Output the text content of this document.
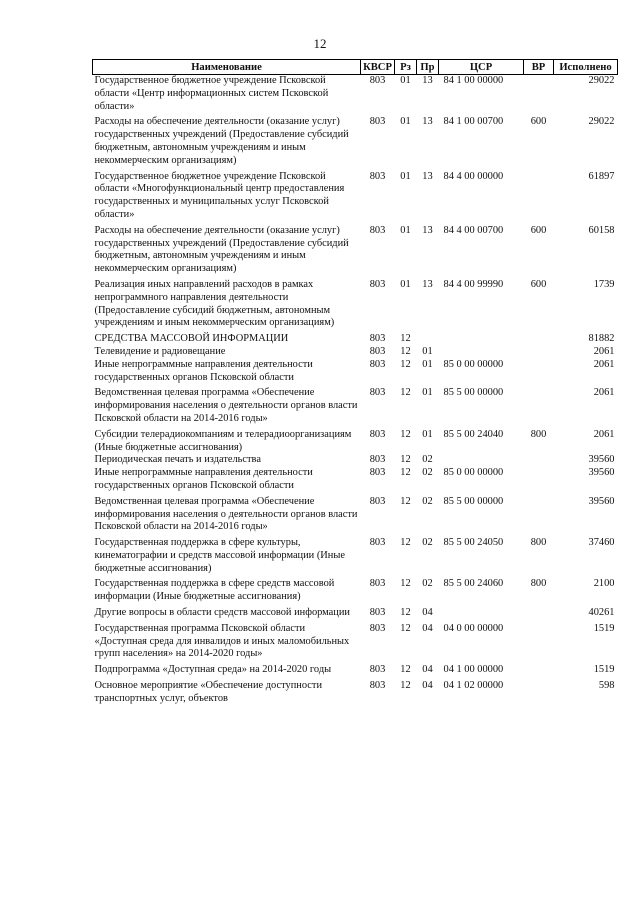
12
Наименование	КВСР	Рз	Пр	ЦСР	ВР	Исполнено
Государственное бюджетное учреждение Псковской области «Центр информационных систем Псковской области»	803	01	13	84 1 00 00000		29022
Расходы на обеспечение деятельности (оказание услуг) государственных учреждений (Предоставление субсидий бюджетным, автономным учреждениям и иным некоммерческим организациям)	803	01	13	84 1 00 00700	600	29022
Государственное бюджетное учреждение Псковской области «Многофункциональный центр предоставления государственных и муниципальных услуг Псковской области»	803	01	13	84 4 00 00000		61897
Расходы на обеспечение деятельности (оказание услуг) государственных учреждений (Предоставление субсидий бюджетным, автономным учреждениям и иным некоммерческим организациям)	803	01	13	84 4 00 00700	600	60158
Реализация иных направлений расходов в рамках непрограммного направления деятельности (Предоставление субсидий бюджетным, автономным учреждениям и иным некоммерческим организациям)	803	01	13	84 4 00 99990	600	1739
СРЕДСТВА МАССОВОЙ ИНФОРМАЦИИ	803	12				81882
Телевидение и радиовещание	803	12	01			2061
Иные непрограммные направления деятельности государственных органов Псковской области	803	12	01	85 0 00 00000		2061
Ведомственная целевая программа «Обеспечение информирования населения о деятельности органов власти Псковской области на 2014-2016 годы»	803	12	01	85 5 00 00000		2061
Субсидии телерадиокомпаниям и телерадиоорганизациям (Иные бюджетные ассигнования)	803	12	01	85 5 00 24040	800	2061
Периодическая печать и издательства	803	12	02			39560
Иные непрограммные направления деятельности государственных органов Псковской области	803	12	02	85 0 00 00000		39560
Ведомственная целевая программа «Обеспечение информирования населения о деятельности органов власти Псковской области на 2014-2016 годы»	803	12	02	85 5 00 00000		39560
Государственная поддержка в сфере культуры, кинематографии и средств массовой информации (Иные бюджетные ассигнования)	803	12	02	85 5 00 24050	800	37460
Государственная поддержка в сфере средств массовой информации (Иные бюджетные ассигнования)	803	12	02	85 5 00 24060	800	2100
Другие вопросы в области средств массовой информации	803	12	04			40261
Государственная программа Псковской области «Доступная среда для инвалидов и иных маломобильных групп населения» на 2014-2020 годы»	803	12	04	04 0 00 00000		1519
Подпрограмма «Доступная среда» на 2014-2020 годы	803	12	04	04 1 00 00000		1519
Основное мероприятие «Обеспечение доступности транспортных услуг, объектов	803	12	04	04 1 02 00000		598
